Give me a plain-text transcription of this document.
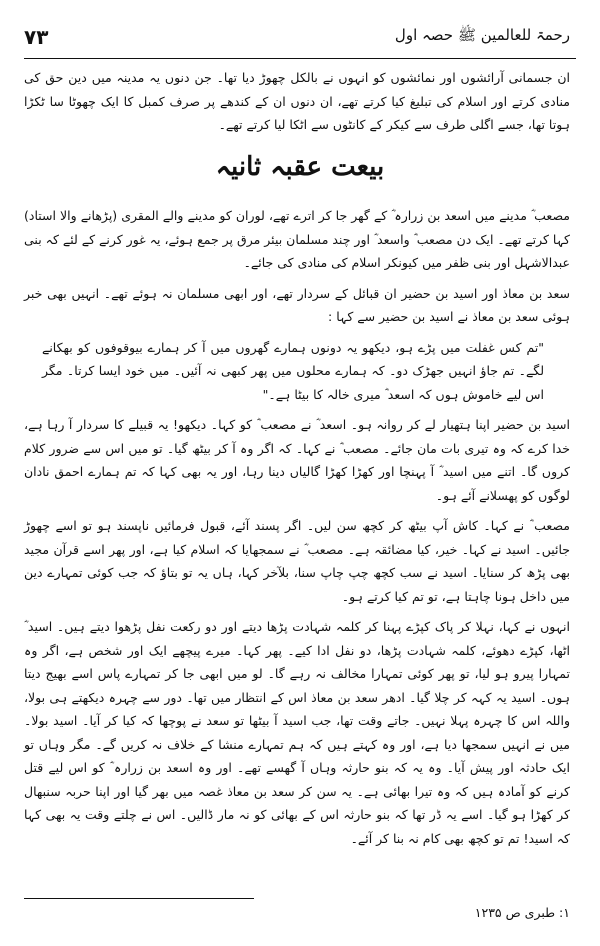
۷۳	رحمۃ للعالمین ﷺ حصہ اول

ان جسمانی آرائشوں اور نمائشوں کو انہوں نے بالکل چھوڑ دیا تھا۔ جن دنوں یہ مدینہ میں دین حق کی منادی کرتے اور اسلام کی تبلیغ کیا کرتے تھے، ان دنوں ان کے کندھے پر صرف کمبل کا ایک چھوٹا سا ٹکڑا ہوتا تھا، جسے اگلی طرف سے کیکر کے کانٹوں سے اٹکا لیا کرتے تھے۔

بیعت عقبہ ثانیہ

مصعب ؓ مدینے میں اسعد بن زرارہ ؓ کے گھر جا کر اترے تھے، لوران کو مدینے والے المقری (پڑھانے والا استاد) کہا کرتے تھے۔ ایک دن مصعب ؓ واسعد ؓ اور چند مسلمان بیئر مرق پر جمع ہوئے، یہ غور کرنے کے لئے کہ بنی عبدالاشہل اور بنی ظفر میں کیونکر اسلام کی منادی کی جائے۔

سعد بن معاذ اور اسید بن حضیر ان قبائل کے سردار تھے، اور ابھی مسلمان نہ ہوئے تھے۔ انہیں بھی خبر ہوئی سعد بن معاذ نے اسید بن حضیر سے کہا :

"تم کس غفلت میں پڑے ہو، دیکھو یہ دونوں ہمارے گھروں میں آ کر ہمارے بیوقوفوں کو بھکانے لگے۔ تم جاؤ انہیں جھڑک دو۔ کہ ہمارے محلوں میں پھر کبھی نہ آئیں۔ میں خود ایسا کرتا۔ مگر اس لیے خاموش ہوں کہ اسعد ؓ میری خالہ کا بیٹا ہے۔"

اسید بن حضیر اپنا ہتھیار لے کر روانہ ہو۔ اسعد ؓ نے مصعب ؓ کو کہا۔ دیکھو! یہ قبیلے کا سردار آ رہا ہے، خدا کرے کہ وہ تیری بات مان جائے۔ مصعب ؓ نے کہا۔ کہ اگر وہ آ کر بیٹھ گیا۔ تو میں اس سے ضرور کلام کروں گا۔ اتنے میں اسید ؓ آ پہنچا اور کھڑا کھڑا گالیاں دینا رہا، اور یہ بھی کہا کہ تم ہمارے احمق نادان لوگوں کو پھسلانے آئے ہو۔

مصعب ؓ نے کہا۔ کاش آپ بیٹھ کر کچھ سن لیں۔ اگر پسند آئے، قبول فرمائیں ناپسند ہو تو اسے چھوڑ جائیں۔ اسید نے کہا۔ خیر، کیا مضائقہ ہے۔ مصعب ؓ نے سمجھایا کہ اسلام کیا ہے، اور پھر اسے قرآن مجید بھی پڑھ کر سنایا۔ اسید نے سب کچھ چپ چاپ سنا، بلآخر کہا، ہاں یہ تو بتاؤ کہ جب کوئی تمہارے دین میں داخل ہونا چاہتا ہے، تو تم کیا کرتے ہو۔

انہوں نے کہا، نہلا کر پاک کپڑے پہنا کر کلمہ شہادت پڑھا دیتے اور دو رکعت نفل پڑھوا دیتے ہیں۔ اسید ؓ اٹھا، کپڑے دھوئے، کلمہ شہادت پڑھا، دو نفل ادا کیے۔ پھر کہا۔ میرے پیچھے ایک اور شخص ہے، اگر وہ تمہارا پیرو ہو لیا، تو پھر کوئی تمہارا مخالف نہ رہے گا۔ لو میں ابھی جا کر تمہارے پاس اسے بھیج دیتا ہوں۔ اسید یہ کہہ کر چلا گیا۔ ادھر سعد بن معاذ اس کے انتظار میں تھا۔ دور سے چہرہ دیکھتے ہی بولا، واللہ اس کا چہرہ پہلا نہیں۔ جاتے وقت تھا، جب اسید آ بیٹھا تو سعد نے پوچھا کہ کیا کر آیا۔ اسید بولا۔ میں نے انہیں سمجھا دیا ہے، اور وہ کہتے ہیں کہ ہم تمہارے منشا کے خلاف نہ کریں گے۔ مگر وہاں تو ایک حادثہ اور پیش آیا۔ وہ یہ کہ بنو حارثہ وہاں آ گھسے تھے۔ اور وہ اسعد بن زرارہ ؓ کو اس لیے قتل کرنے کو آمادہ ہیں کہ وہ تیرا بھائی ہے۔ یہ سن کر سعد بن معاذ غصہ میں بھر گیا اور اپنا حربہ سنبھال کر کھڑا ہو گیا۔ اسے یہ ڈر تھا کہ بنو حارثہ اس کے بھائی کو نہ مار ڈالیں۔ اس نے چلتے وقت یہ بھی کہا کہ اسید! تم تو کچھ بھی کام نہ بنا کر آئے۔

۱: طبری ص ۱۲۳۵
